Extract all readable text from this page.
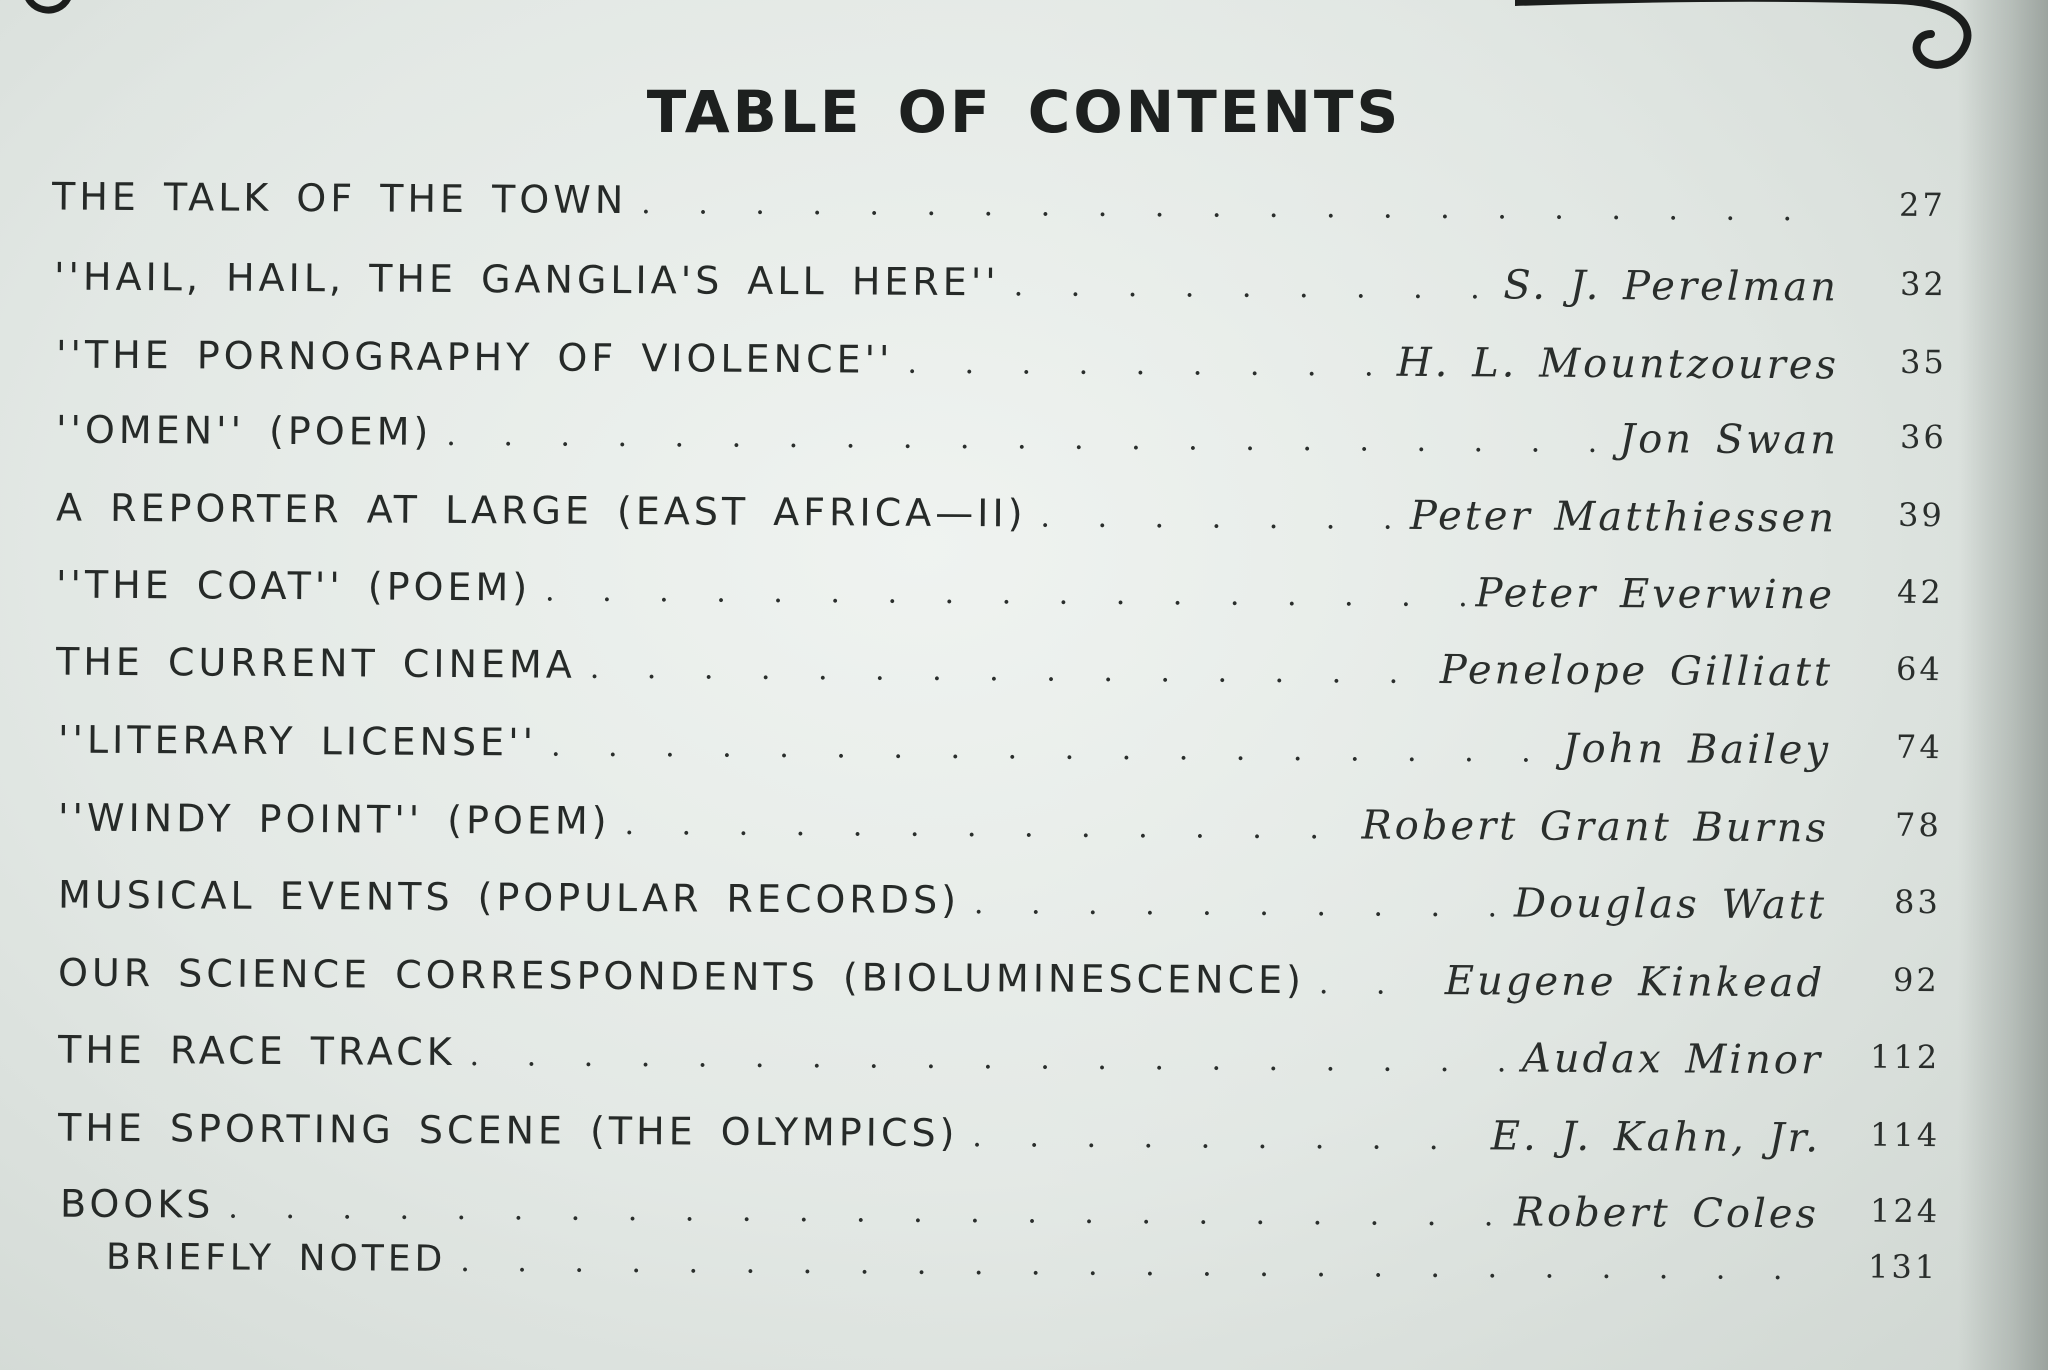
TABLE OF CONTENTS
THE TALK OF THE TOWN . . .	27
''HAIL, HAIL, THE GANGLIA'S ALL HERE'' . . .	S. J. Perelman 32
''THE PORNOGRAPHY OF VIOLENCE'' . . .	H. L. Mountzoures 35
''OMEN'' (POEM) . . .	Jon Swan 36
A REPORTER AT LARGE (EAST AFRICA—II) . . .	Peter Matthiessen 39
''THE COAT'' (POEM) . . .	Peter Everwine 42
THE CURRENT CINEMA . . .	Penelope Gilliatt 64
''LITERARY LICENSE'' . . .	John Bailey 74
''WINDY POINT'' (POEM) . . .	Robert Grant Burns 78
MUSICAL EVENTS (POPULAR RECORDS) . . .	Douglas Watt 83
OUR SCIENCE CORRESPONDENTS (BIOLUMINESCENCE) . . .	Eugene Kinkead 92
THE RACE TRACK . . .	Audax Minor 112
THE SPORTING SCENE (THE OLYMPICS) . . .	E. J. Kahn, Jr. 114
BOOKS . . .	Robert Coles 124
BRIEFLY NOTED . . .	131
